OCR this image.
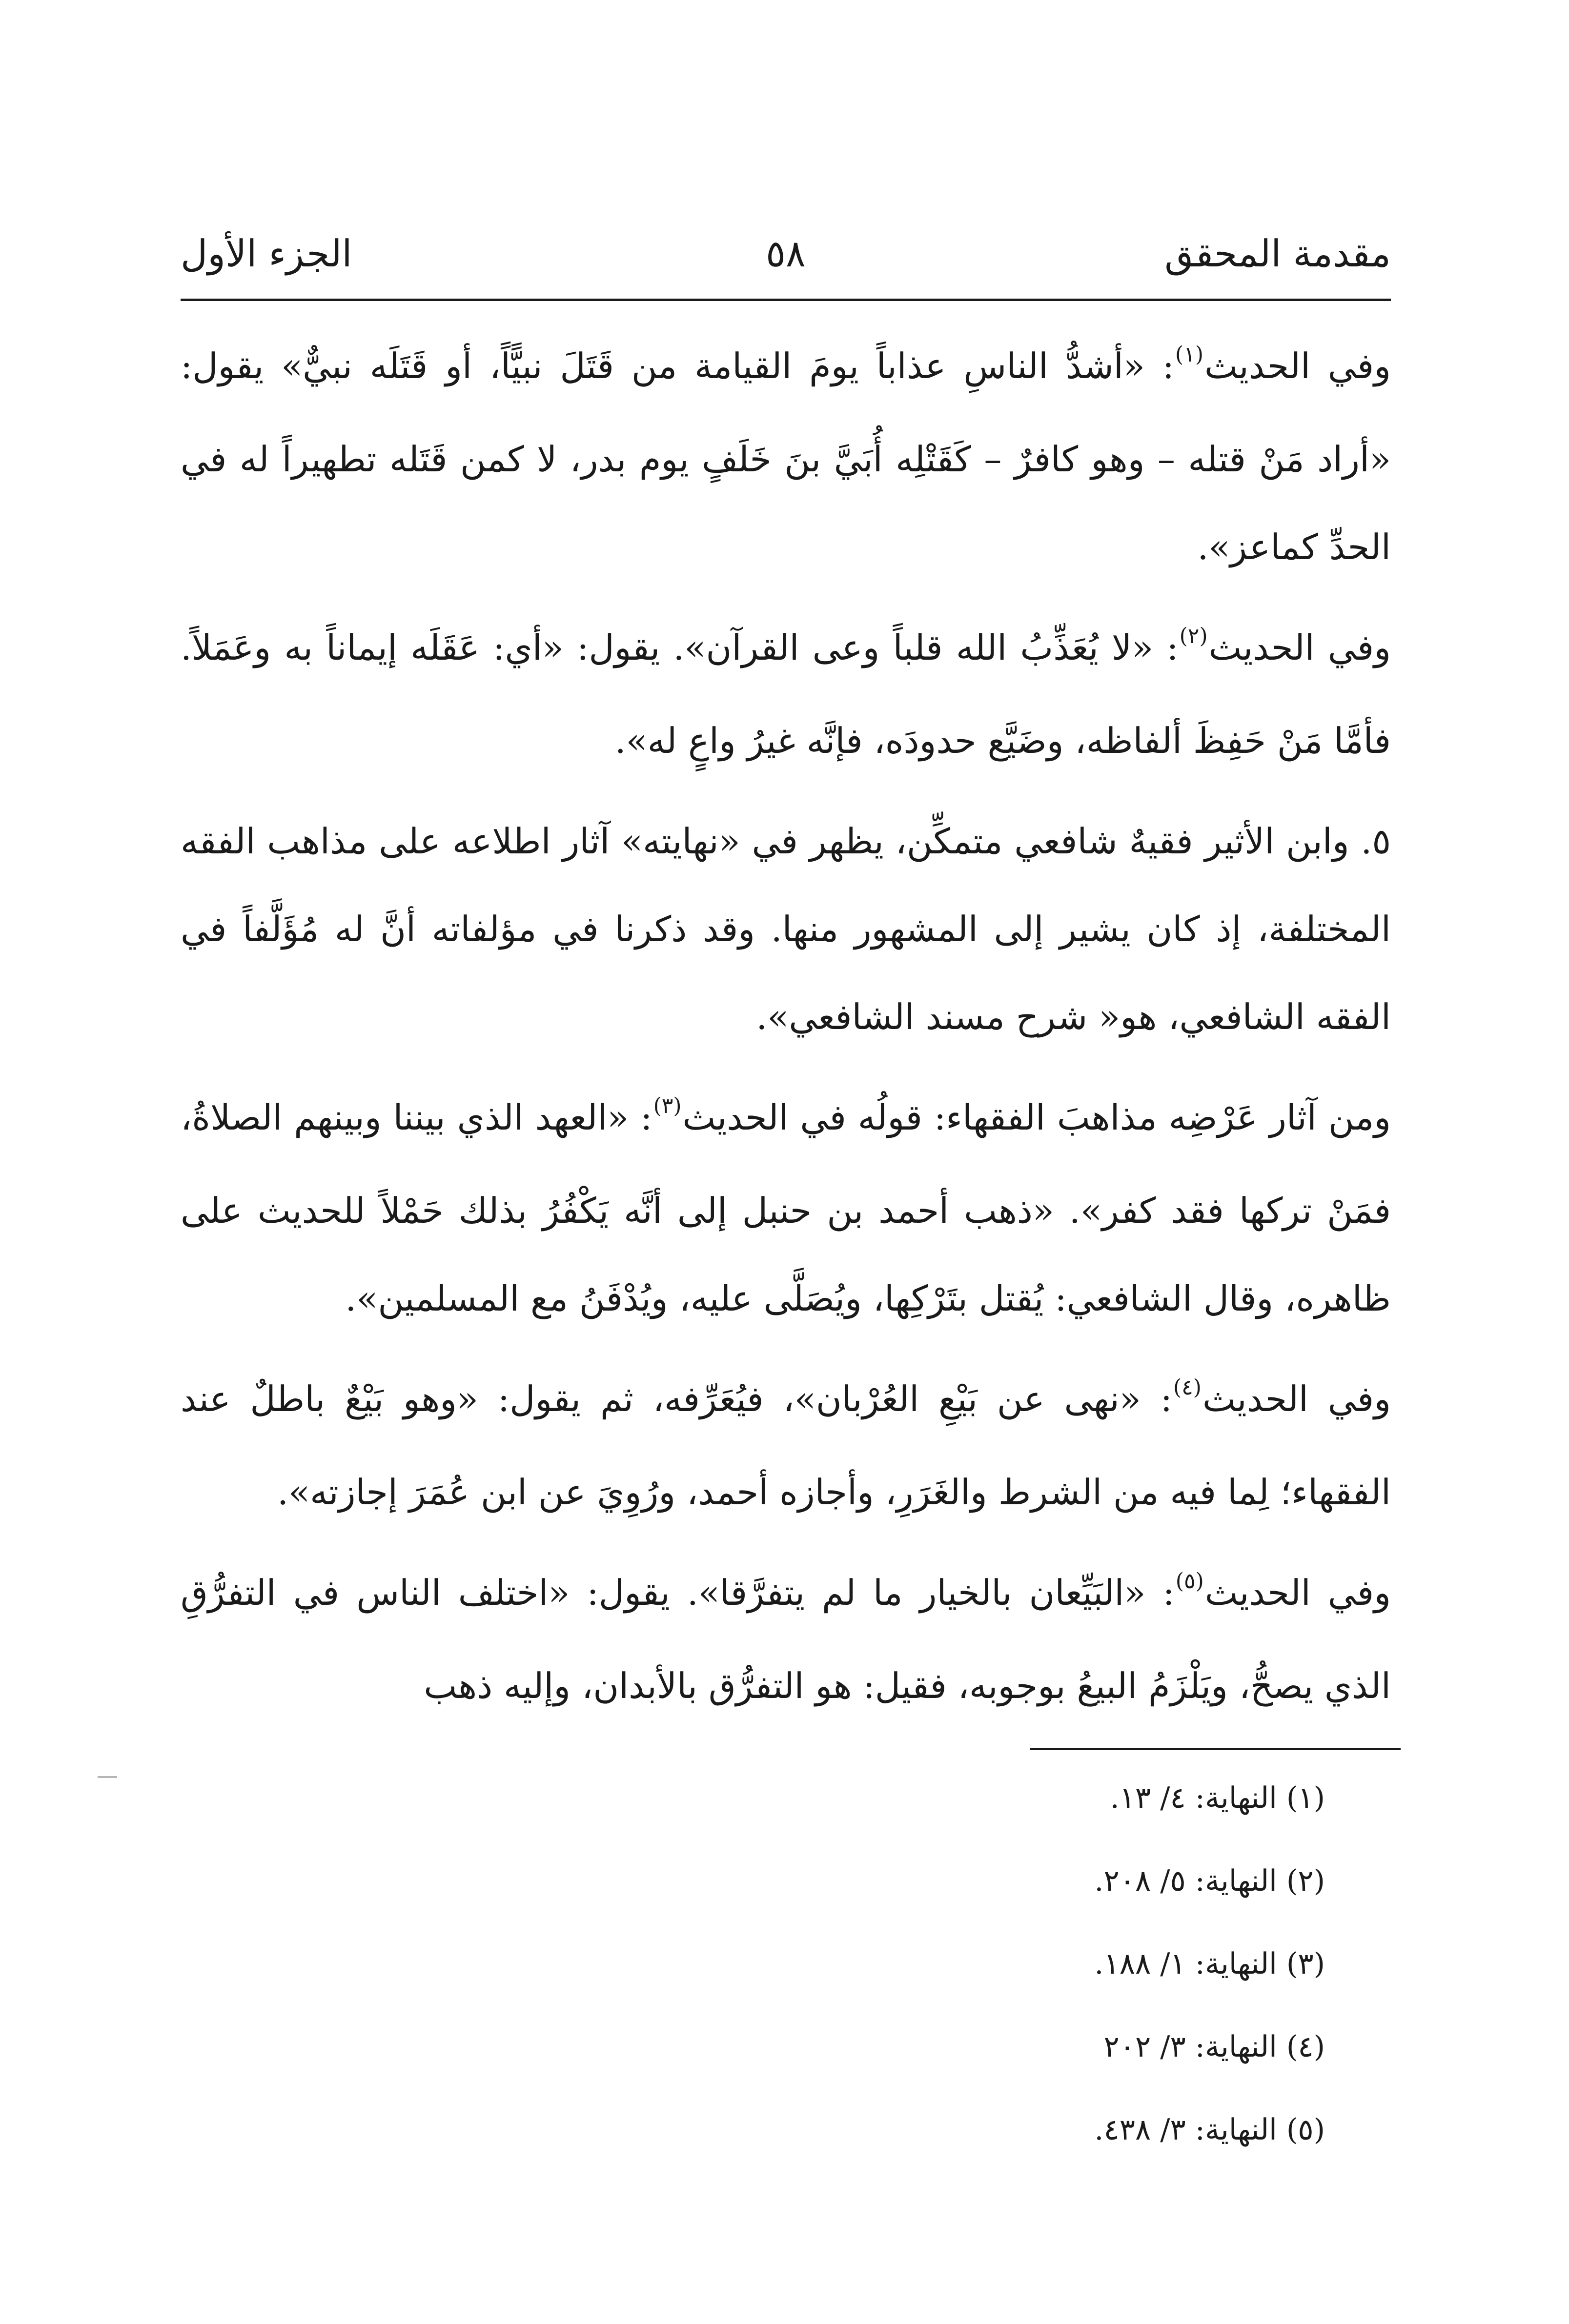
مقدمة المحقق
٥٨
الجزء الأول

وفي الحديث$^{(١)}$: «أشدُّ الناسِ عذاباً يومَ القيامة من قَتَلَ نبيًّاً، أو قَتَلَه نبيٌّ» يقول: «أراد مَنْ قتله – وهو كافرٌ – كَقَتْلِه أُبَيَّ بنَ خَلَفٍ يوم بدر، لا كمن قَتَله تطهيراً له في الحدِّ كماعز».

وفي الحديث$^{(٢)}$: «لا يُعَذِّبُ الله قلباً وعى القرآن». يقول: «أي: عَقَلَه إيماناً به وعَمَلاً. فأمَّا مَنْ حَفِظَ ألفاظه، وضَيَّع حدودَه، فإنَّه غيرُ واعٍ له».

٥. وابن الأثير فقيهٌ شافعي متمكِّن، يظهر في «نهايته» آثار اطلاعه على مذاهب الفقه المختلفة، إذ كان يشير إلى المشهور منها. وقد ذكرنا في مؤلفاته أنَّ له مُؤَلَّفاً في الفقه الشافعي، هو« شرح مسند الشافعي».

ومن آثار عَرْضِه مذاهبَ الفقهاء: قولُه في الحديث$^{(٣)}$: «العهد الذي بيننا وبينهم الصلاةُ، فمَنْ تركها فقد كفر». «ذهب أحمد بن حنبل إلى أنَّه يَكْفُرُ بذلك حَمْلاً للحديث على ظاهره، وقال الشافعي: يُقتل بتَرْكِها، ويُصَلَّى عليه، ويُدْفَنُ مع المسلمين».

وفي الحديث$^{(٤)}$: «نهى عن بَيْعِ العُرْبان»، فيُعَرِّفه، ثم يقول: «وهو بَيْعٌ باطلٌ عند الفقهاء؛ لِما فيه من الشرط والغَرَرِ، وأجازه أحمد، ورُوِيَ عن ابن عُمَرَ إجازته».

وفي الحديث$^{(٥)}$: «البَيِّعان بالخيار ما لم يتفرَّقا». يقول: «اختلف الناس في التفرُّقِ الذي يصحُّ، ويَلْزَمُ البيعُ بوجوبه، فقيل: هو التفرُّق بالأبدان، وإليه ذهب

(١) النهاية: ٤/ ١٣.
(٢) النهاية: ٥/ ٢٠٨.
(٣) النهاية: ١/ ١٨٨.
(٤) النهاية: ٣/ ٢٠٢
(٥) النهاية: ٣/ ٤٣٨.
